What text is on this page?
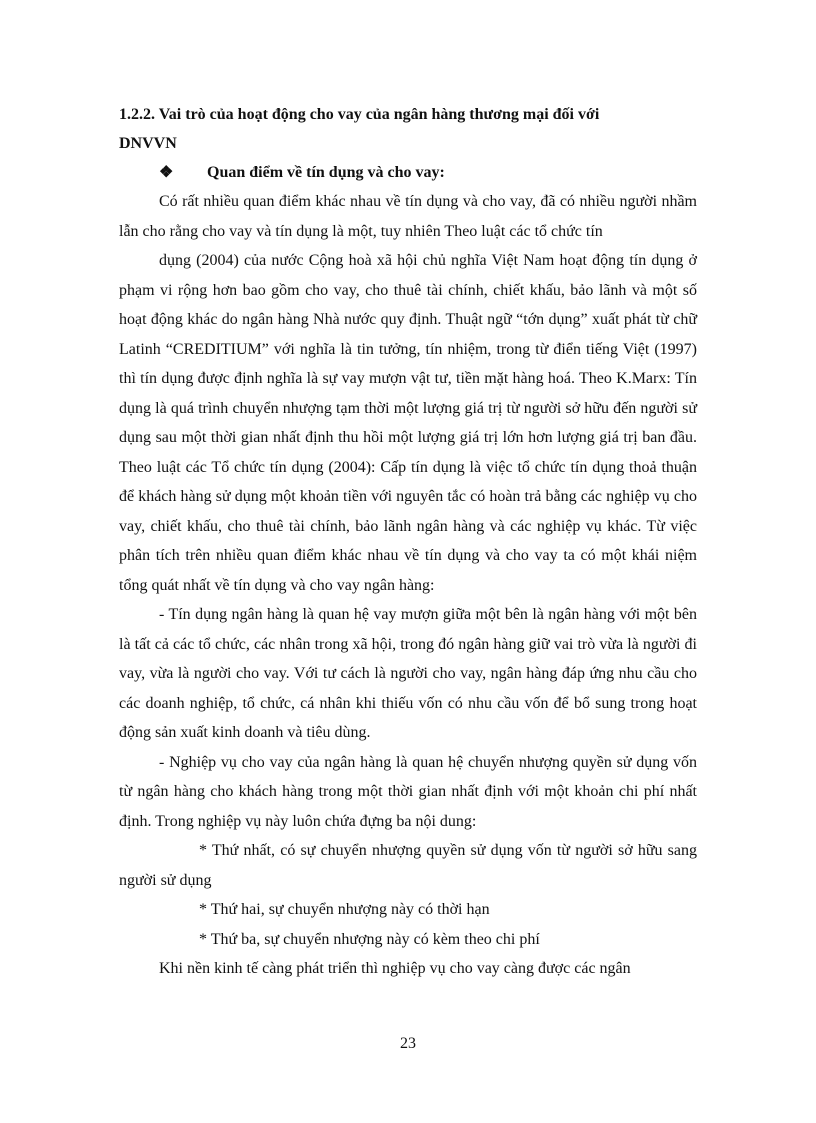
1.2.2. Vai trò của hoạt động cho vay của ngân hàng thương mại đối với
DNVVN

❖ Quan điểm về tín dụng và cho vay:

Có rất nhiều quan điểm khác nhau về tín dụng và cho vay, đã có nhiều người nhầm lẫn cho rằng cho vay và tín dụng là một, tuy nhiên Theo luật các tổ chức tín

dụng (2004) của nước Cộng hoà xã hội chủ nghĩa Việt Nam hoạt động tín dụng ở phạm vi rộng hơn bao gồm cho vay, cho thuê tài chính, chiết khấu, bảo lãnh và một số hoạt động khác do ngân hàng Nhà nước quy định. Thuật ngữ “tớn dụng” xuất phát từ chữ Latinh “CREDITIUM” với nghĩa là tin tưởng, tín nhiệm, trong từ điển tiếng Việt (1997) thì tín dụng được định nghĩa là sự vay mượn vật tư, tiền mặt hàng hoá. Theo K.Marx: Tín dụng là quá trình chuyển nhượng tạm thời một lượng giá trị từ người sở hữu đến người sử dụng sau một thời gian nhất định thu hồi một lượng giá trị lớn hơn lượng giá trị ban đầu. Theo luật các Tổ chức tín dụng (2004): Cấp tín dụng là việc tổ chức tín dụng thoả thuận để khách hàng sử dụng một khoản tiền với nguyên tắc có hoàn trả bằng các nghiệp vụ cho vay, chiết khấu, cho thuê tài chính, bảo lãnh ngân hàng và các nghiệp vụ khác. Từ việc phân tích trên nhiều quan điểm khác nhau về tín dụng và cho vay ta có một khái niệm tổng quát nhất về tín dụng và cho vay ngân hàng:

- Tín dụng ngân hàng là quan hệ vay mượn giữa một bên là ngân hàng với một bên là tất cả các tổ chức, các nhân trong xã hội, trong đó ngân hàng giữ vai trò vừa là người đi vay, vừa là người cho vay. Với tư cách là người cho vay, ngân hàng đáp ứng nhu cầu cho các doanh nghiệp, tổ chức, cá nhân khi thiếu vốn có nhu cầu vốn để bổ sung trong hoạt động sản xuất kinh doanh và tiêu dùng.

- Nghiệp vụ cho vay của ngân hàng là quan hệ chuyển nhượng quyền sử dụng vốn từ ngân hàng cho khách hàng trong một thời gian nhất định với một khoản chi phí nhất định. Trong nghiệp vụ này luôn chứa đựng ba nội dung:

* Thứ nhất, có sự chuyển nhượng quyền sử dụng vốn từ người sở hữu sang người sử dụng

* Thứ hai, sự chuyển nhượng này có thời hạn

* Thứ ba, sự chuyển nhượng này có kèm theo chi phí

Khi nền kinh tế càng phát triển thì nghiệp vụ cho vay càng được các ngân

23
